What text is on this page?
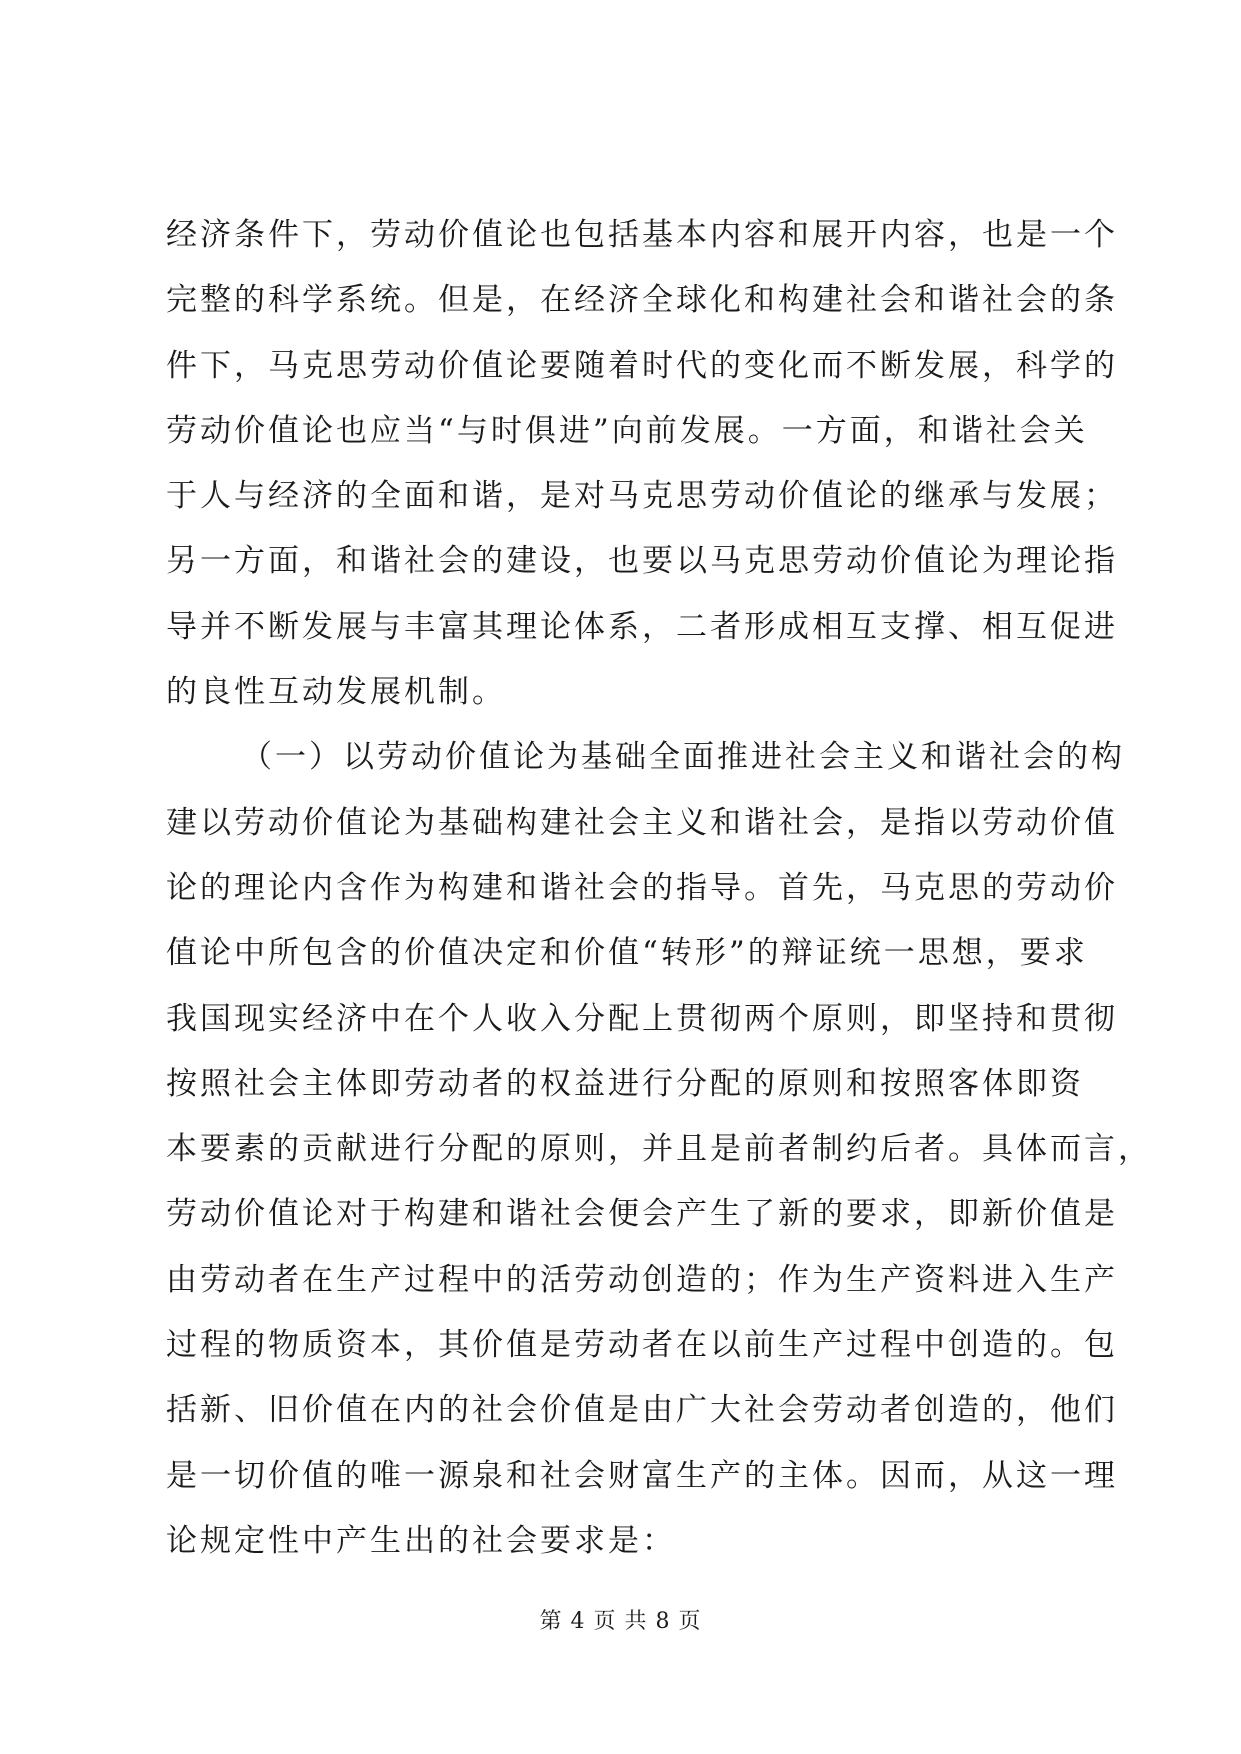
经济条件下，劳动价值论也包括基本内容和展开内容，也是一个
完整的科学系统。但是，在经济全球化和构建社会和谐社会的条
件下，马克思劳动价值论要随着时代的变化而不断发展，科学的
劳动价值论也应当“与时俱进”向前发展。一方面，和谐社会关
于人与经济的全面和谐，是对马克思劳动价值论的继承与发展；
另一方面，和谐社会的建设，也要以马克思劳动价值论为理论指
导并不断发展与丰富其理论体系，二者形成相互支撑、相互促进
的良性互动发展机制。
（一）以劳动价值论为基础全面推进社会主义和谐社会的构
建以劳动价值论为基础构建社会主义和谐社会，是指以劳动价值
论的理论内含作为构建和谐社会的指导。首先，马克思的劳动价
值论中所包含的价值决定和价值“转形”的辩证统一思想，要求
我国现实经济中在个人收入分配上贯彻两个原则，即坚持和贯彻
按照社会主体即劳动者的权益进行分配的原则和按照客体即资
本要素的贡献进行分配的原则，并且是前者制约后者。具体而言，
劳动价值论对于构建和谐社会便会产生了新的要求，即新价值是
由劳动者在生产过程中的活劳动创造的；作为生产资料进入生产
过程的物质资本，其价值是劳动者在以前生产过程中创造的。包
括新、旧价值在内的社会价值是由广大社会劳动者创造的，他们
是一切价值的唯一源泉和社会财富生产的主体。因而，从这一理
论规定性中产生出的社会要求是：
第 4 页 共 8 页
